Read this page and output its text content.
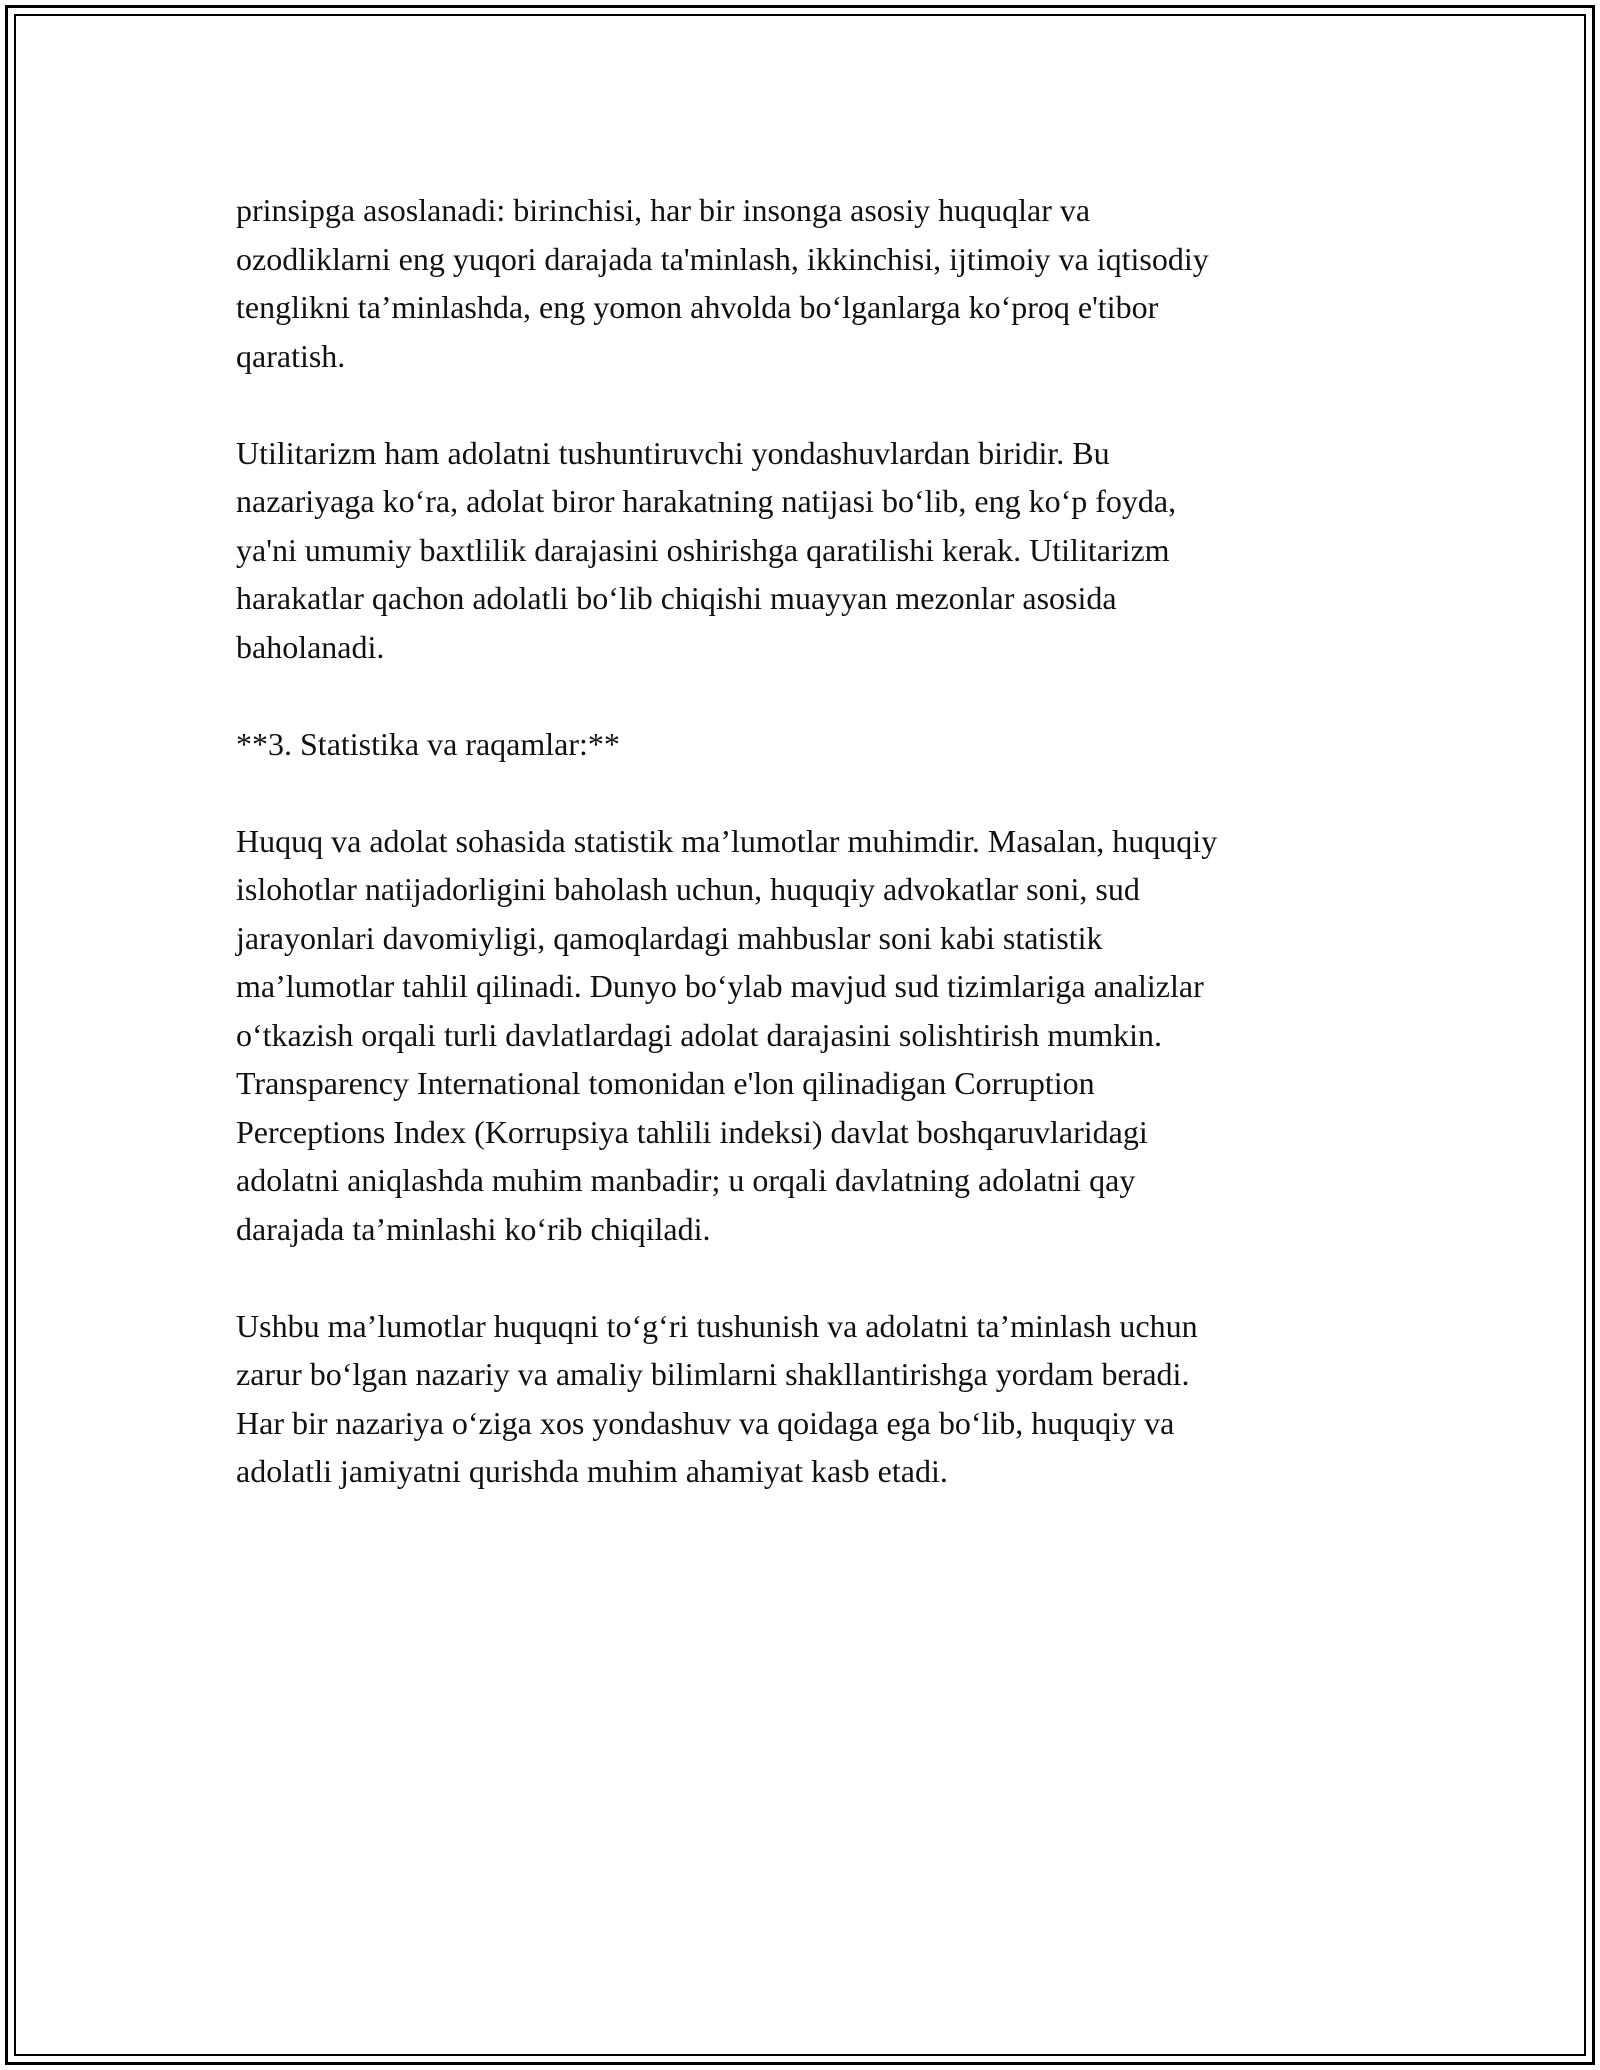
prinsipga asoslanadi: birinchisi, har bir insonga asosiy huquqlar va
ozodliklarni eng yuqori darajada ta'minlash, ikkinchisi, ijtimoiy va iqtisodiy
tenglikni ta’minlashda, eng yomon ahvolda bo‘lganlarga ko‘proq e'tibor
qaratish.

Utilitarizm ham adolatni tushuntiruvchi yondashuvlardan biridir. Bu
nazariyaga ko‘ra, adolat biror harakatning natijasi bo‘lib, eng ko‘p foyda,
ya'ni umumiy baxtlilik darajasini oshirishga qaratilishi kerak. Utilitarizm
harakatlar qachon adolatli bo‘lib chiqishi muayyan mezonlar asosida
baholanadi.

**3. Statistika va raqamlar:**

Huquq va adolat sohasida statistik ma’lumotlar muhimdir. Masalan, huquqiy
islohotlar natijadorligini baholash uchun, huquqiy advokatlar soni, sud
jarayonlari davomiyligi, qamoqlardagi mahbuslar soni kabi statistik
ma’lumotlar tahlil qilinadi. Dunyo bo‘ylab mavjud sud tizimlariga analizlar
o‘tkazish orqali turli davlatlardagi adolat darajasini solishtirish mumkin.
Transparency International tomonidan e'lon qilinadigan Corruption
Perceptions Index (Korrupsiya tahlili indeksi) davlat boshqaruvlaridagi
adolatni aniqlashda muhim manbadir; u orqali davlatning adolatni qay
darajada ta’minlashi ko‘rib chiqiladi.

Ushbu ma’lumotlar huquqni to‘g‘ri tushunish va adolatni ta’minlash uchun
zarur bo‘lgan nazariy va amaliy bilimlarni shakllantirishga yordam beradi.
Har bir nazariya o‘ziga xos yondashuv va qoidaga ega bo‘lib, huquqiy va
adolatli jamiyatni qurishda muhim ahamiyat kasb etadi.
